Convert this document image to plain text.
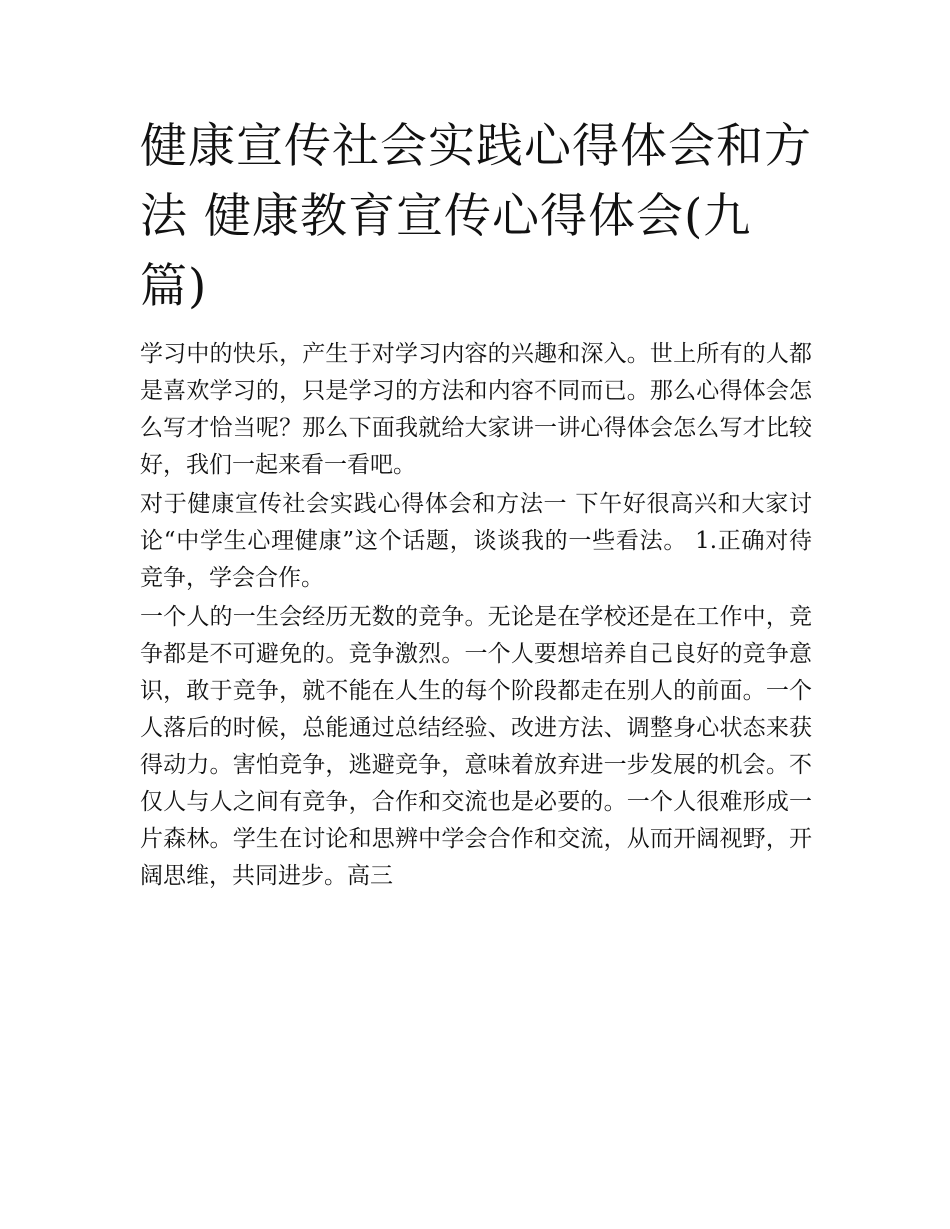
健康宣传社会实践心得体会和方法 健康教育宣传心得体会(九篇)

学习中的快乐，产生于对学习内容的兴趣和深入。世上所有的人都是喜欢学习的，只是学习的方法和内容不同而已。那么心得体会怎么写才恰当呢？那么下面我就给大家讲一讲心得体会怎么写才比较好，我们一起来看一看吧。

对于健康宣传社会实践心得体会和方法一 下午好很高兴和大家讨论“中学生心理健康”这个话题，谈谈我的一些看法。 1.正确对待竞争，学会合作。

一个人的一生会经历无数的竞争。无论是在学校还是在工作中，竞争都是不可避免的。竞争激烈。一个人要想培养自己良好的竞争意识，敢于竞争，就不能在人生的每个阶段都走在别人的前面。一个人落后的时候，总能通过总结经验、改进方法、调整身心状态来获得动力。害怕竞争，逃避竞争，意味着放弃进一步发展的机会。不仅人与人之间有竞争，合作和交流也是必要的。一个人很难形成一片森林。学生在讨论和思辨中学会合作和交流，从而开阔视野，开阔思维，共同进步。高三
